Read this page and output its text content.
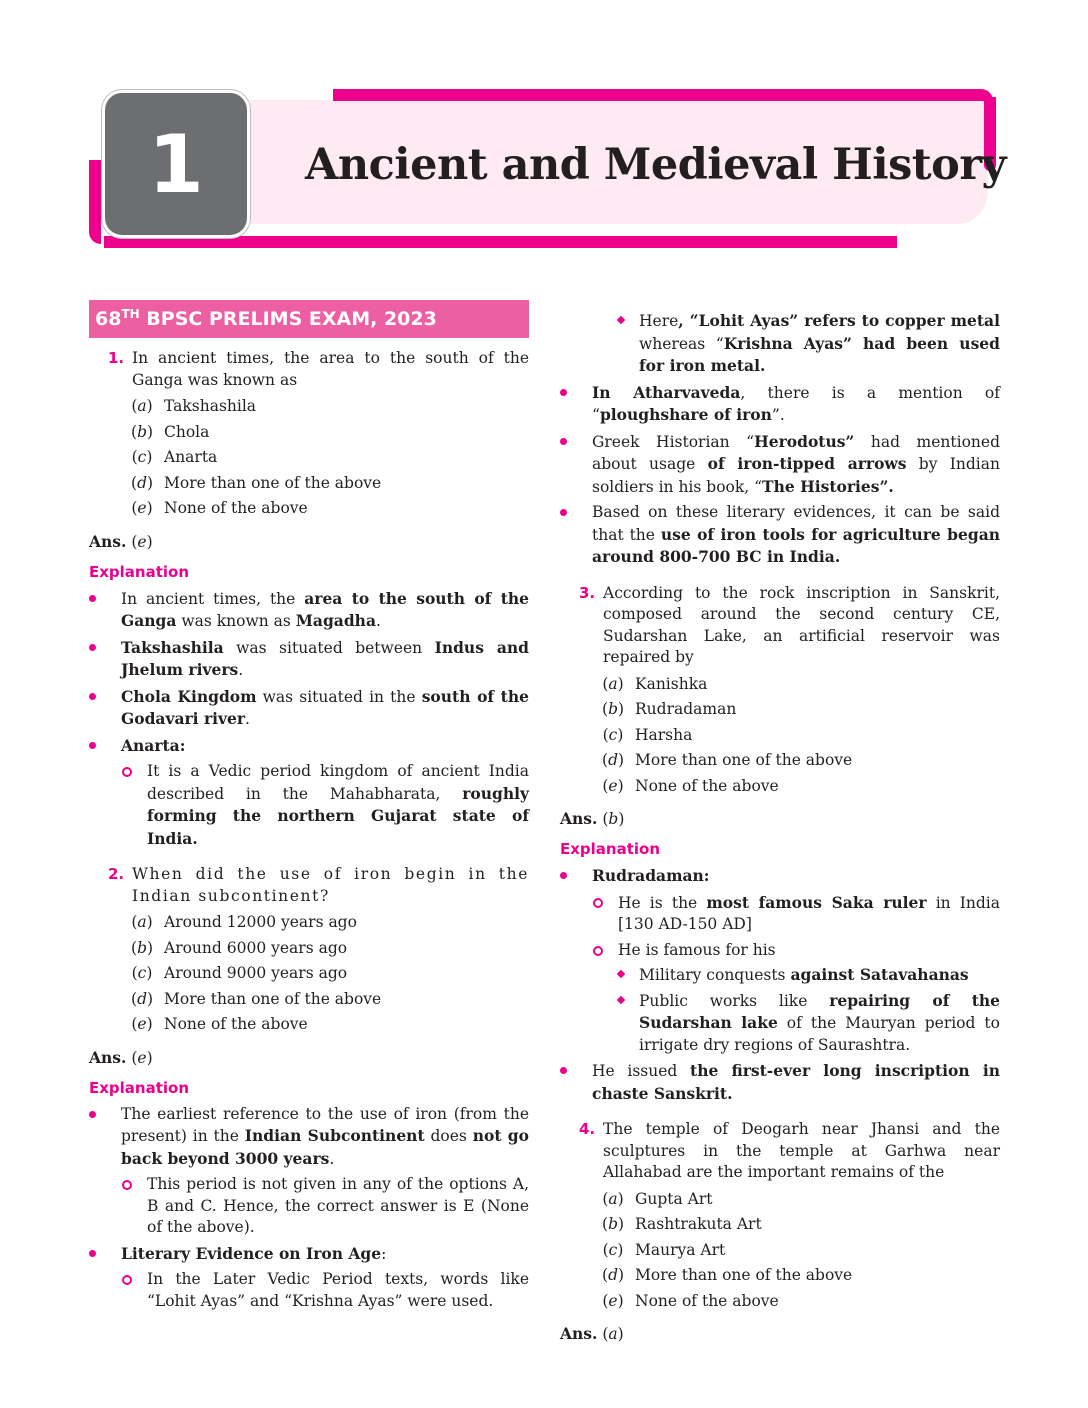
1	Ancient and Medieval History
68TH BPSC PRELIMS EXAM, 2023
1. In ancient times, the area to the south of the Ganga was known as
(a) Takshashila
(b) Chola
(c) Anarta
(d) More than one of the above
(e) None of the above
Ans. (e)
Explanation
In ancient times, the area to the south of the Ganga was known as Magadha.
Takshashila was situated between Indus and Jhelum rivers.
Chola Kingdom was situated in the south of the Godavari river.
Anarta:
It is a Vedic period kingdom of ancient India described in the Mahabharata, roughly forming the northern Gujarat state of India.
2. When did the use of iron begin in the Indian subcontinent?
(a) Around 12000 years ago
(b) Around 6000 years ago
(c) Around 9000 years ago
(d) More than one of the above
(e) None of the above
Ans. (e)
Explanation
The earliest reference to the use of iron (from the present) in the Indian Subcontinent does not go back beyond 3000 years.
This period is not given in any of the options A, B and C. Hence, the correct answer is E (None of the above).
Literary Evidence on Iron Age:
In the Later Vedic Period texts, words like “Lohit Ayas” and “Krishna Ayas” were used.
Here, “Lohit Ayas” refers to copper metal whereas “Krishna Ayas” had been used for iron metal.
In Atharvaveda, there is a mention of “ploughshare of iron”.
Greek Historian “Herodotus” had mentioned about usage of iron-tipped arrows by Indian soldiers in his book, “The Histories”.
Based on these literary evidences, it can be said that the use of iron tools for agriculture began around 800-700 BC in India.
3. According to the rock inscription in Sanskrit, composed around the second century CE, Sudarshan Lake, an artificial reservoir was repaired by
(a) Kanishka
(b) Rudradaman
(c) Harsha
(d) More than one of the above
(e) None of the above
Ans. (b)
Explanation
Rudradaman:
He is the most famous Saka ruler in India [130 AD-150 AD]
He is famous for his
Military conquests against Satavahanas
Public works like repairing of the Sudarshan lake of the Mauryan period to irrigate dry regions of Saurashtra.
He issued the first-ever long inscription in chaste Sanskrit.
4. The temple of Deogarh near Jhansi and the sculptures in the temple at Garhwa near Allahabad are the important remains of the
(a) Gupta Art
(b) Rashtrakuta Art
(c) Maurya Art
(d) More than one of the above
(e) None of the above
Ans. (a)
